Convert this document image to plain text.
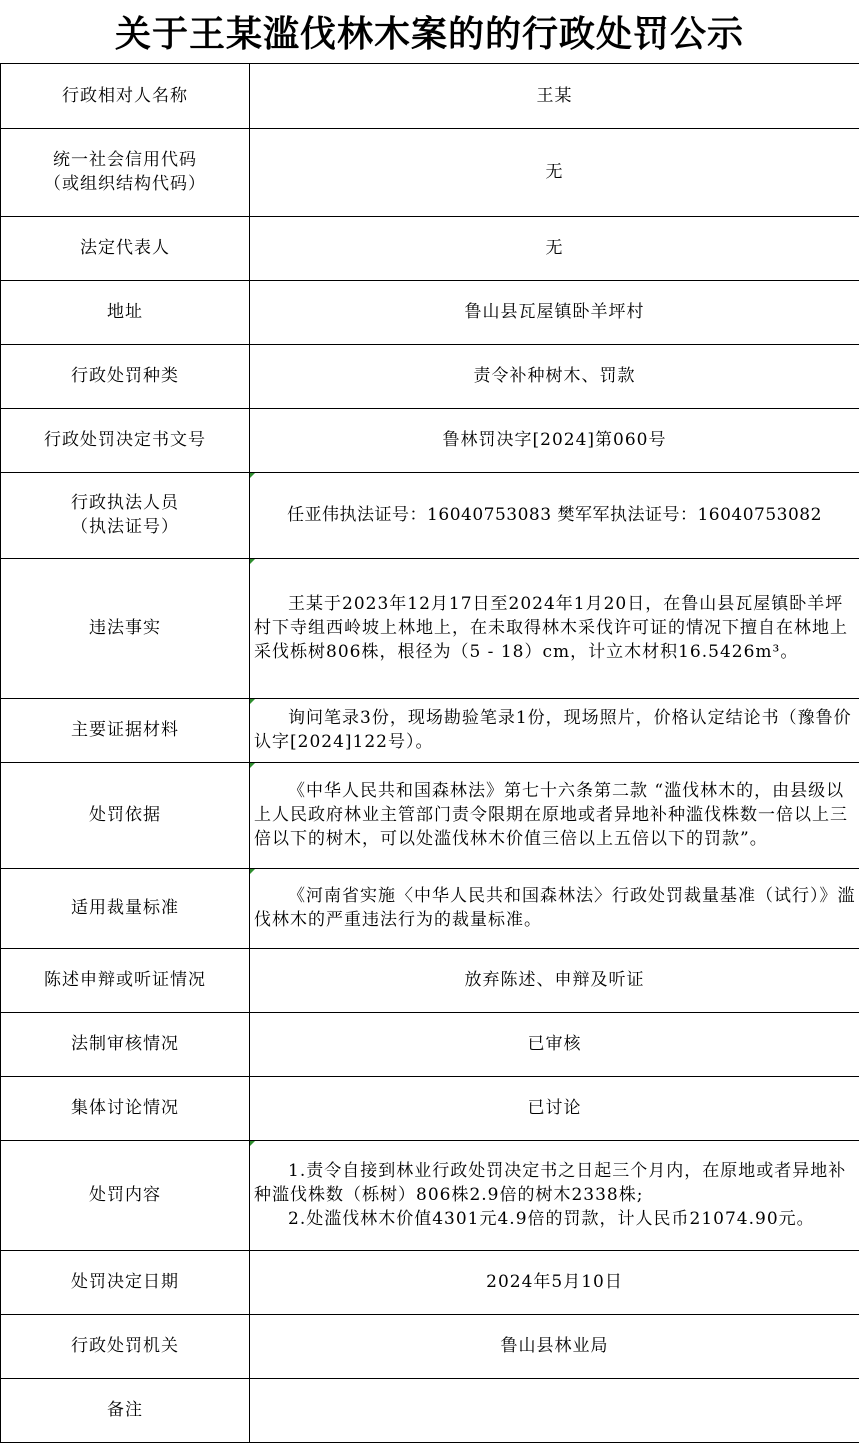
关于王某滥伐林木案的的行政处罚公示
行政相对人名称	王某

统一社会信用代码
（或组织结构代码）	无
法定代表人	无
地址	鲁山县瓦屋镇卧羊坪村
行政处罚种类	责令补种树木、罚款
行政处罚决定书文号	鲁林罚决字[2024]第060号

行政执法人员
（执法证号）	任亚伟执法证号：16040753083 樊军军执法证号：16040753082
违法事实	王某于2023年12月17日至2024年1月20日，在鲁山县瓦屋镇卧羊坪村下寺组西岭坡上林地上，在未取得林木采伐许可证的情况下擅自在林地上采伐栎树806株，根径为（5 - 18）cm，计立木材积16.5426m³。

主要证据材料	询问笔录3份，现场勘验笔录1份，现场照片，价格认定结论书（豫鲁价认字[2024]122号）。

处罚依据	《中华人民共和国森林法》第七十六条第二款 “滥伐林木的，由县级以上人民政府林业主管部门责令限期在原地或者异地补种滥伐株数一倍以上三倍以下的树木，可以处滥伐林木价值三倍以上五倍以下的罚款”。

适用裁量标准	《河南省实施〈中华人民共和国森林法〉行政处罚裁量基准（试行）》滥伐林木的严重违法行为的裁量标准。

陈述申辩或听证情况	放弃陈述、申辩及听证
法制审核情况	已审核
集体讨论情况	已讨论
处罚内容	1.责令自接到林业行政处罚决定书之日起三个月内，在原地或者异地补种滥伐株数（栎树）806株2.9倍的树木2338株;
2.处滥伐林木价值4301元4.9倍的罚款，计人民币21074.90元。

处罚决定日期	2024年5月10日
行政处罚机关	鲁山县林业局
备注	
